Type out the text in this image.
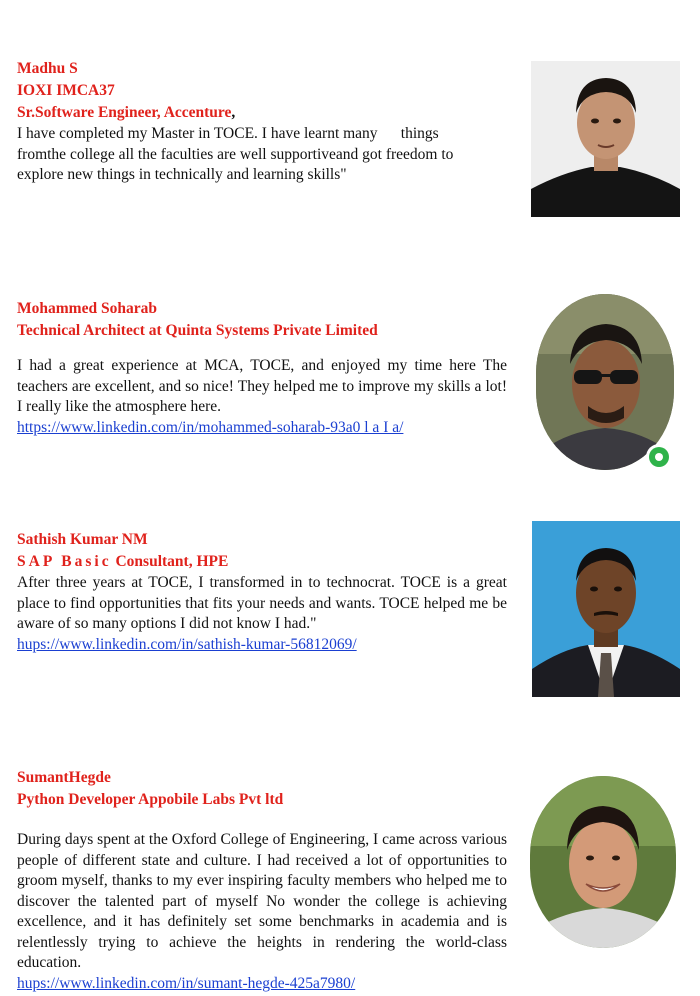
Madhu S

IOXI IMCA37

Sr.Software Engineer, Accenture,

I have completed my Master in TOCE. I have learnt many      things

fromthe college all the faculties are well supportiveand got freedom to

explore new things in technically and learning skills"

Mohammed Soharab

Technical Architect at Quinta Systems Private Limited

I had a great experience at MCA, TOCE, and enjoyed my time here The teachers are excellent, and so nice! They helped me to improve my skills a lot! I really like the atmosphere here.

https://www.linkedin.com/in/mohammed-soharab-93a0 l a I a/

Sathish Kumar NM

SAP Basic Consultant, HPE

After three years at TOCE, I transformed in to technocrat. TOCE is a great place to find opportunities that fits your needs and wants. TOCE helped me be aware of so many options I did not know I had."

hups://www.linkedin.com/in/sathish-kumar-56812069/

SumantHegde

Python Developer Appobile Labs Pvt ltd

During days spent at the Oxford College of Engineering, I came across various people of different state and culture. I had received a lot of opportunities to groom myself, thanks to my ever inspiring faculty members who helped me to discover the talented part of myself No wonder the college is achieving excellence, and it has definitely set some benchmarks in academia and is relentlessly trying to achieve the heights in rendering the world-class education.

hups://www.linkedin.com/in/sumant-hegde-425a7980/
